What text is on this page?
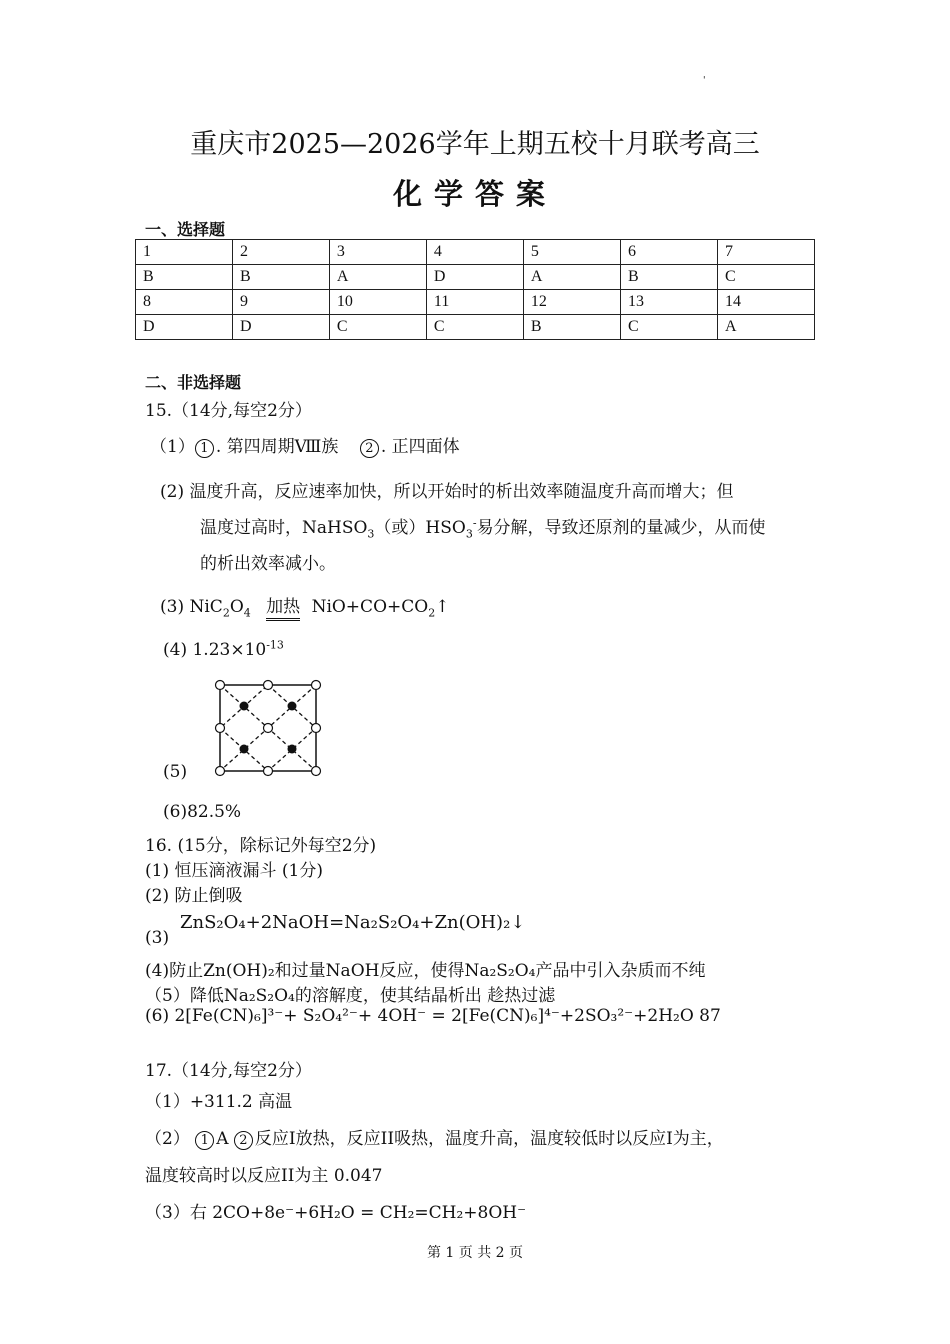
'
重庆市2025—2026学年上期五校十月联考高三
化学答案
一、选择题
1	2	3	4	5	6	7
B	B	A	D	A	B	C
8	9	10	11	12	13	14
D	D	C	C	B	C	A
二、非选择题
15.（14分,每空2分）
（1） 1 . 第四周期Ⅷ族 2 . 正四面体
(2) 温度升高，反应速率加快，所以开始时的析出效率随温度升高而增大；但
温度过高时，NaHSO$_3$（或）$HSO_3^-$易分解，导致还原剂的量减少，从而使
的析出效率减小。
(3) $NiC_2O_4$ 加热 $NiO+CO+CO_2↑$
(4) $1.23\times 10^{-13}$
(5)
(6)82.5%
16. (15分，除标记外每空2分)
(1) 恒压滴液漏斗 (1分)
(2) 防止倒吸
(3)
ZnS₂O₄+2NaOH=Na₂S₂O₄+Zn(OH)₂↓
(4)防止Zn(OH)₂和过量NaOH反应，使得Na₂S₂O₄产品中引入杂质而不纯
（5）降低Na₂S₂O₄的溶解度，使其结晶析出 趁热过滤
(6) 2[Fe(CN)₆]³⁻+ S₂O₄²⁻+ 4OH⁻ = 2[Fe(CN)₆]⁴⁻+2SO₃²⁻+2H₂O 87
17.（14分,每空2分）
（1）+311.2 高温
（2） 1 A 2 反应I放热，反应II吸热，温度升高，温度较低时以反应I为主，
温度较高时以反应II为主 0.047
（3）右 2CO+8e⁻+6H₂O = CH₂=CH₂+8OH⁻
第 1 页 共 2 页
